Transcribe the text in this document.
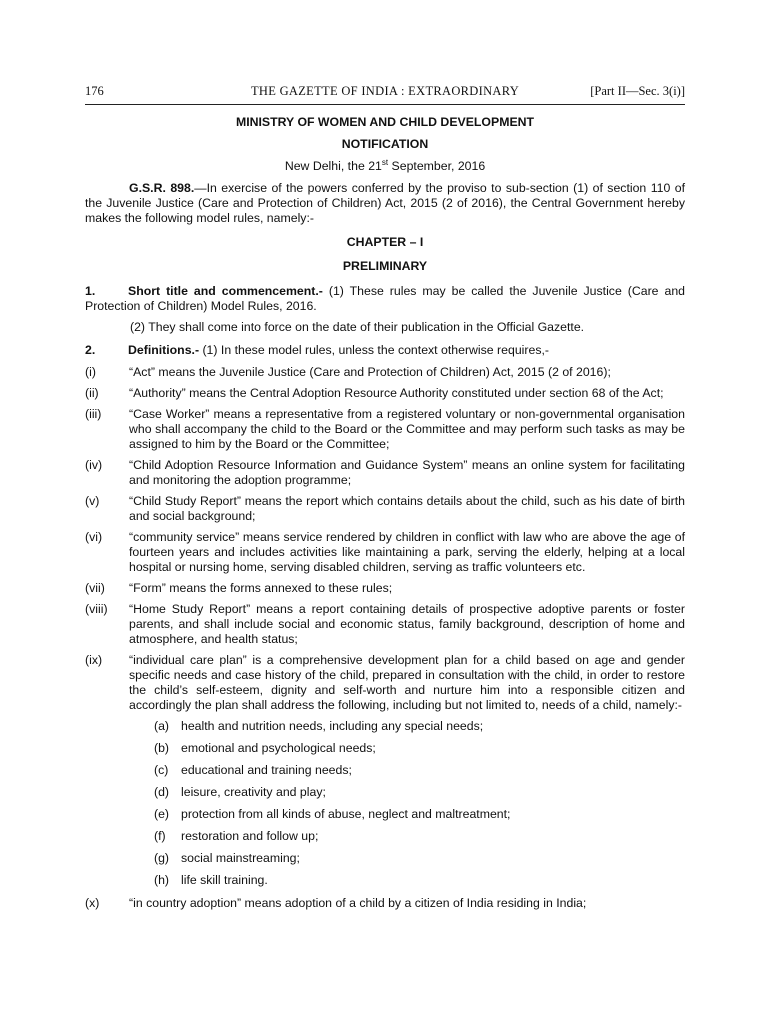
176	THE GAZETTE OF INDIA : EXTRAORDINARY	[Part II—Sec. 3(i)]

MINISTRY OF WOMEN AND CHILD DEVELOPMENT

NOTIFICATION

New Delhi, the 21st September, 2016

G.S.R. 898.—In exercise of the powers conferred by the proviso to sub-section (1) of section 110 of the Juvenile Justice (Care and Protection of Children) Act, 2015 (2 of 2016), the Central Government hereby makes the following model rules, namely:-

CHAPTER – I

PRELIMINARY

1.	Short title and commencement.- (1) These rules may be called the Juvenile Justice (Care and Protection of Children) Model Rules, 2016.

(2) They shall come into force on the date of their publication in the Official Gazette.

2.	Definitions.- (1) In these model rules, unless the context otherwise requires,-

(i)	“Act” means the Juvenile Justice (Care and Protection of Children) Act, 2015 (2 of 2016);
(ii)	“Authority” means the Central Adoption Resource Authority constituted under section 68 of the Act;
(iii)	“Case Worker” means a representative from a registered voluntary or non-governmental organisation who shall accompany the child to the Board or the Committee and may perform such tasks as may be assigned to him by the Board or the Committee;
(iv)	“Child Adoption Resource Information and Guidance System” means an online system for facilitating and monitoring the adoption programme;
(v)	“Child Study Report” means the report which contains details about the child, such as his date of birth and social background;
(vi)	“community service” means service rendered by children in conflict with law who are above the age of fourteen years and includes activities like maintaining a park, serving the elderly, helping at a local hospital or nursing home, serving disabled children, serving as traffic volunteers etc.
(vii)	“Form” means the forms annexed to these rules;
(viii)	“Home Study Report” means a report containing details of prospective adoptive parents or foster parents, and shall include social and economic status, family background, description of home and atmosphere, and health status;
(ix)	“individual care plan” is a comprehensive development plan for a child based on age and gender specific needs and case history of the child, prepared in consultation with the child, in order to restore the child’s self-esteem, dignity and self-worth and nurture him into a responsible citizen and accordingly the plan shall address the following, including but not limited to, needs of a child, namely:-
(a) health and nutrition needs, including any special needs;
(b) emotional and psychological needs;
(c) educational and training needs;
(d) leisure, creativity and play;
(e) protection from all kinds of abuse, neglect and maltreatment;
(f) restoration and follow up;
(g) social mainstreaming;
(h) life skill training.
(x)	“in country adoption” means adoption of a child by a citizen of India residing in India;
